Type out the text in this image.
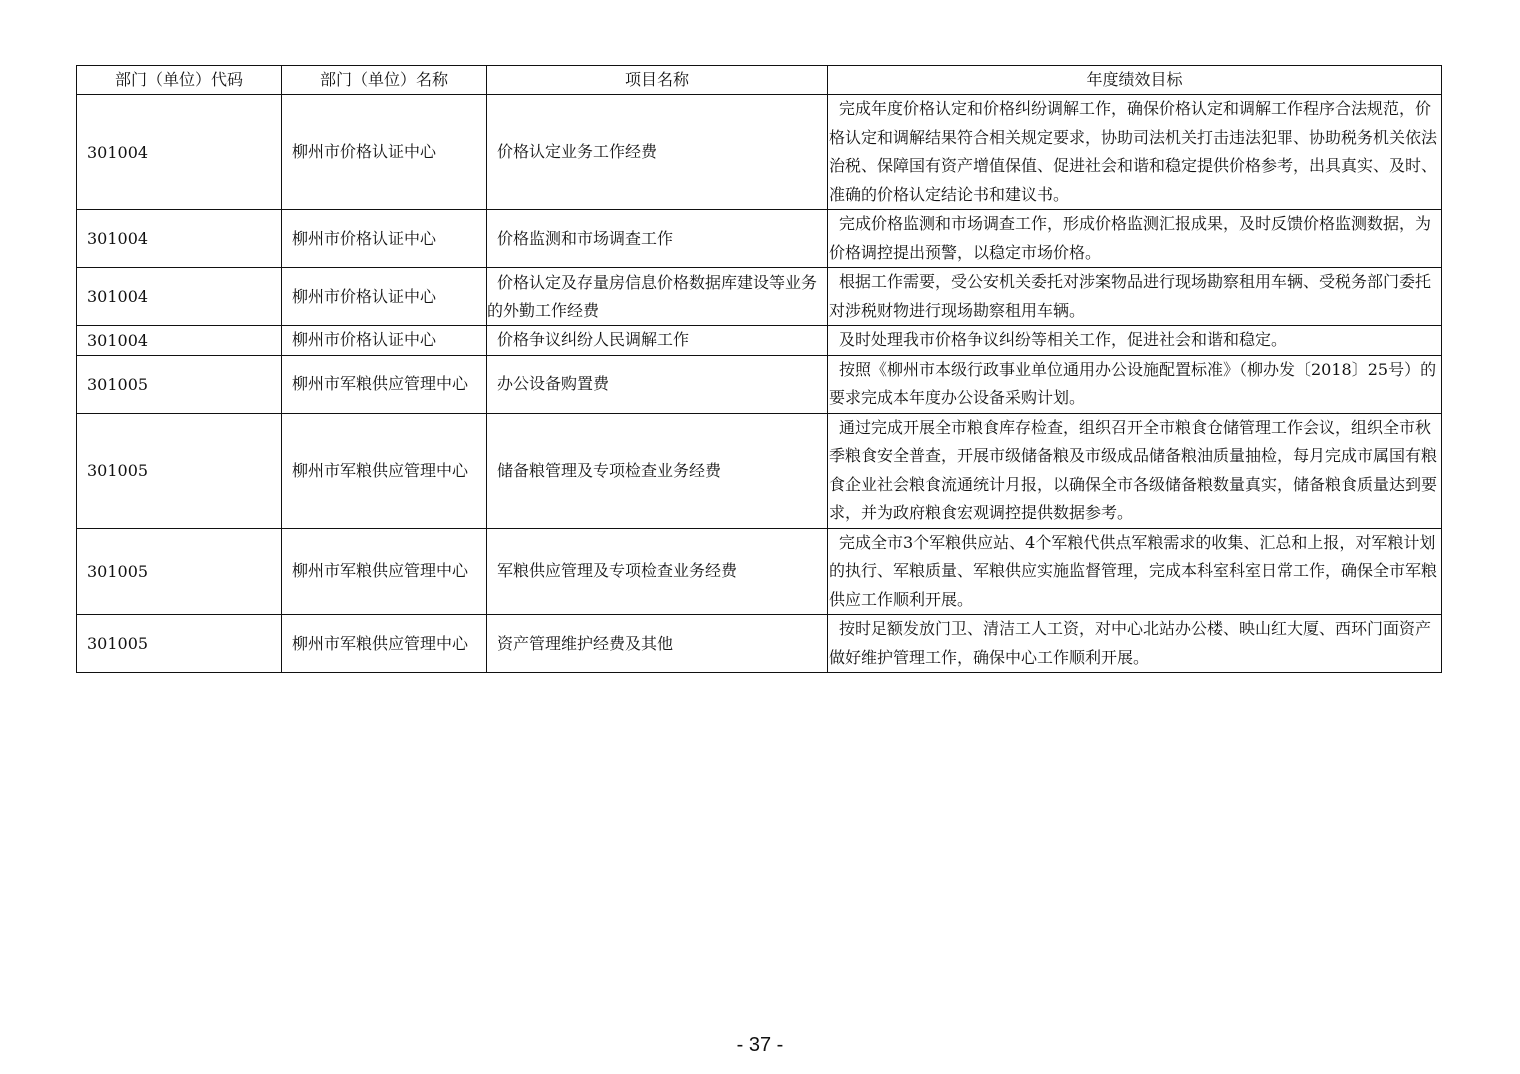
部门（单位）代码	部门（单位）名称	项目名称	年度绩效目标
301004	柳州市价格认证中心	价格认定业务工作经费	完成年度价格认定和价格纠纷调解工作，确保价格认定和调解工作程序合法规范，价格认定和调解结果符合相关规定要求，协助司法机关打击违法犯罪、协助税务机关依法治税、保障国有资产增值保值、促进社会和谐和稳定提供价格参考，出具真实、及时、准确的价格认定结论书和建议书。

301004	柳州市价格认证中心	价格监测和市场调查工作	完成价格监测和市场调查工作，形成价格监测汇报成果，及时反馈价格监测数据，为价格调控提出预警，以稳定市场价格。

301004	柳州市价格认证中心	价格认定及存量房信息价格数据库建设等业务的外勤工作经费	根据工作需要，受公安机关委托对涉案物品进行现场勘察租用车辆、受税务部门委托对涉税财物进行现场勘察租用车辆。

301004	柳州市价格认证中心	价格争议纠纷人民调解工作	及时处理我市价格争议纠纷等相关工作，促进社会和谐和稳定。

301005	柳州市军粮供应管理中心	办公设备购置费	按照《柳州市本级行政事业单位通用办公设施配置标准》（柳办发〔2018〕25号）的要求完成本年度办公设备采购计划。

301005	柳州市军粮供应管理中心	储备粮管理及专项检查业务经费	通过完成开展全市粮食库存检查，组织召开全市粮食仓储管理工作会议，组织全市秋季粮食安全普查，开展市级储备粮及市级成品储备粮油质量抽检，每月完成市属国有粮食企业社会粮食流通统计月报，以确保全市各级储备粮数量真实，储备粮食质量达到要求，并为政府粮食宏观调控提供数据参考。

301005	柳州市军粮供应管理中心	军粮供应管理及专项检查业务经费	完成全市3个军粮供应站、4个军粮代供点军粮需求的收集、汇总和上报，对军粮计划的执行、军粮质量、军粮供应实施监督管理，完成本科室科室日常工作，确保全市军粮供应工作顺利开展。

301005	柳州市军粮供应管理中心	资产管理维护经费及其他	按时足额发放门卫、清洁工人工资，对中心北站办公楼、映山红大厦、西环门面资产做好维护管理工作，确保中心工作顺利开展。
- 37 -
